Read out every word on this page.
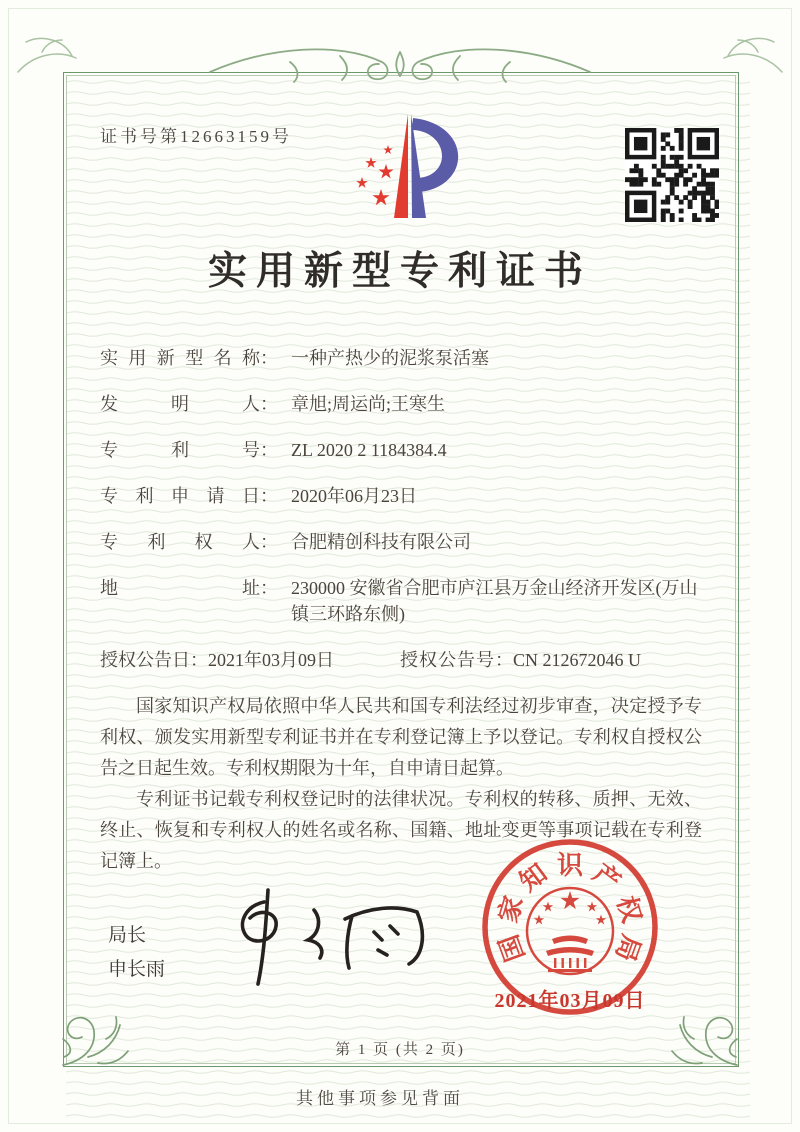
证书号第12663159号
实用新型专利证书
实用新型名称 ： 一种产热少的泥浆泵活塞
发明人 ： 章旭;周运尚;王寒生
专利号 ： ZL 2020 2 1184384.4
专利申请日 ： 2020年06月23日
专利权人 ： 合肥精创科技有限公司
地址 ： 230000 安徽省合肥市庐江县万金山经济开发区(万山镇三环路东侧)
授权公告日 ： 2021年03月09日	授权公告号 ： CN 212672046 U

国家知识产权局依照中华人民共和国专利法经过初步审查，决定授予专利权、颁发实用新型专利证书并在专利登记簿上予以登记。专利权自授权公告之日起生效。专利权期限为十年，自申请日起算。

专利证书记载专利权登记时的法律状况。专利权的转移、质押、无效、终止、恢复和专利权人的姓名或名称、国籍、地址变更等事项记载在专利登记簿上。

局长
申长雨
国
家
知 识 产
权
局
2021年03月09日
第 1 页 (共 2 页)
其他事项参见背面
